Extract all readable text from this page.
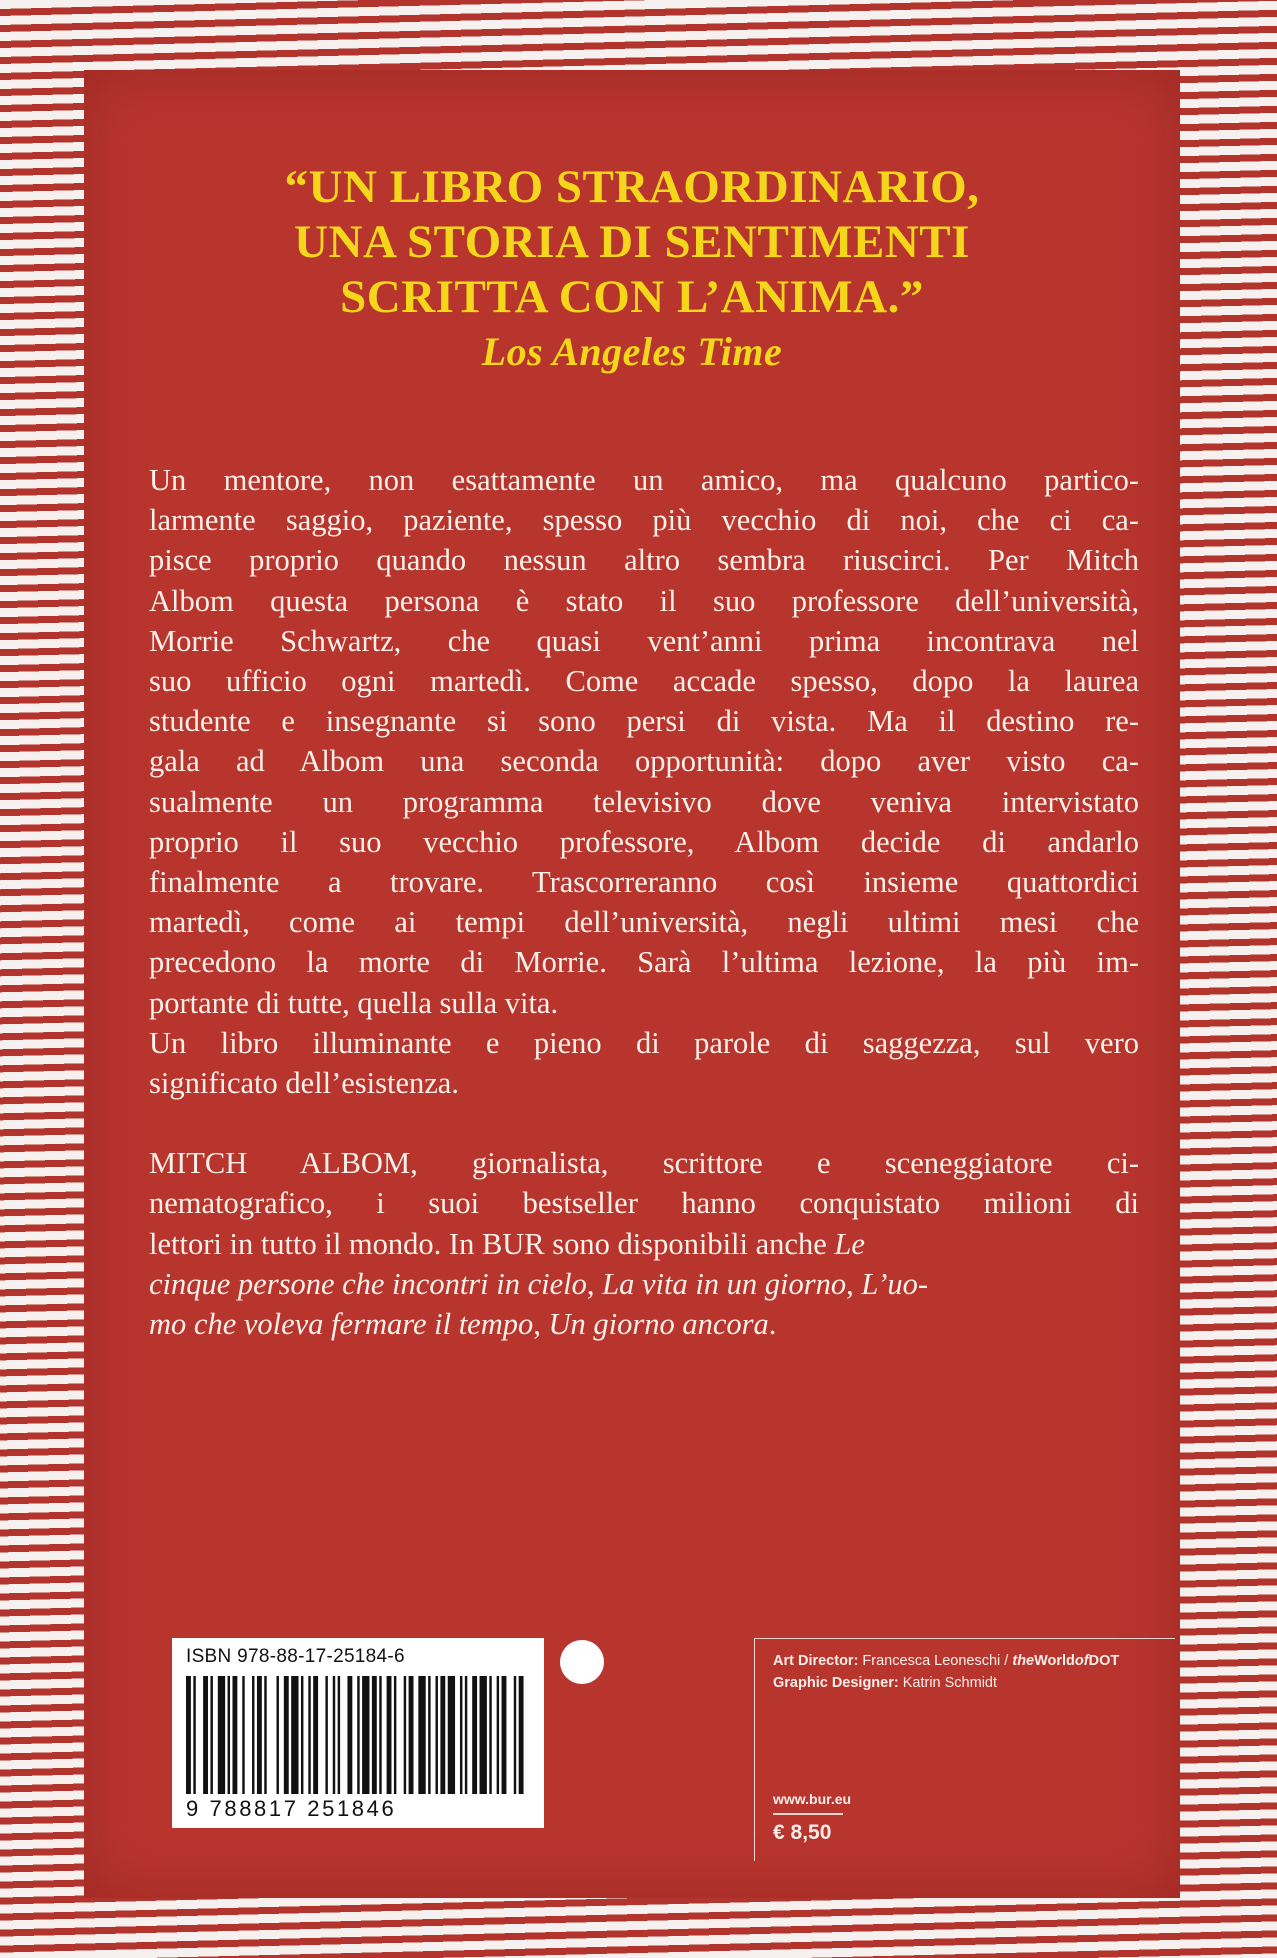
“UN LIBRO STRAORDINARIO,
UNA STORIA DI SENTIMENTI
SCRITTA CON L’ANIMA.”
Los Angeles Time
Un mentore, non esattamente un amico, ma qualcuno partico-
larmente saggio, paziente, spesso più vecchio di noi, che ci ca-
pisce proprio quando nessun altro sembra riuscirci. Per Mitch
Albom questa persona è stato il suo professore dell’università,
Morrie Schwartz, che quasi vent’anni prima incontrava nel
suo ufficio ogni martedì. Come accade spesso, dopo la laurea
studente e insegnante si sono persi di vista. Ma il destino re-
gala ad Albom una seconda opportunità: dopo aver visto ca-
sualmente un programma televisivo dove veniva intervistato
proprio il suo vecchio professore, Albom decide di andarlo
finalmente a trovare. Trascorreranno così insieme quattordici
martedì, come ai tempi dell’università, negli ultimi mesi che
precedono la morte di Morrie. Sarà l’ultima lezione, la più im-
portante di tutte, quella sulla vita.
Un libro illuminante e pieno di parole di saggezza, sul vero
significato dell’esistenza.
MITCH ALBOM, giornalista, scrittore e sceneggiatore ci-
nematografico, i suoi bestseller hanno conquistato milioni di
lettori in tutto il mondo. In BUR sono disponibili anche Le
cinque persone che incontri in cielo, La vita in un giorno, L’uo-
mo che voleva fermare il tempo, Un giorno ancora.
ISBN 978-88-17-25184-6
9 788817 251846
Art Director: Francesca Leoneschi / theWorldofDOT
Graphic Designer: Katrin Schmidt
www.bur.eu
€ 8,50
